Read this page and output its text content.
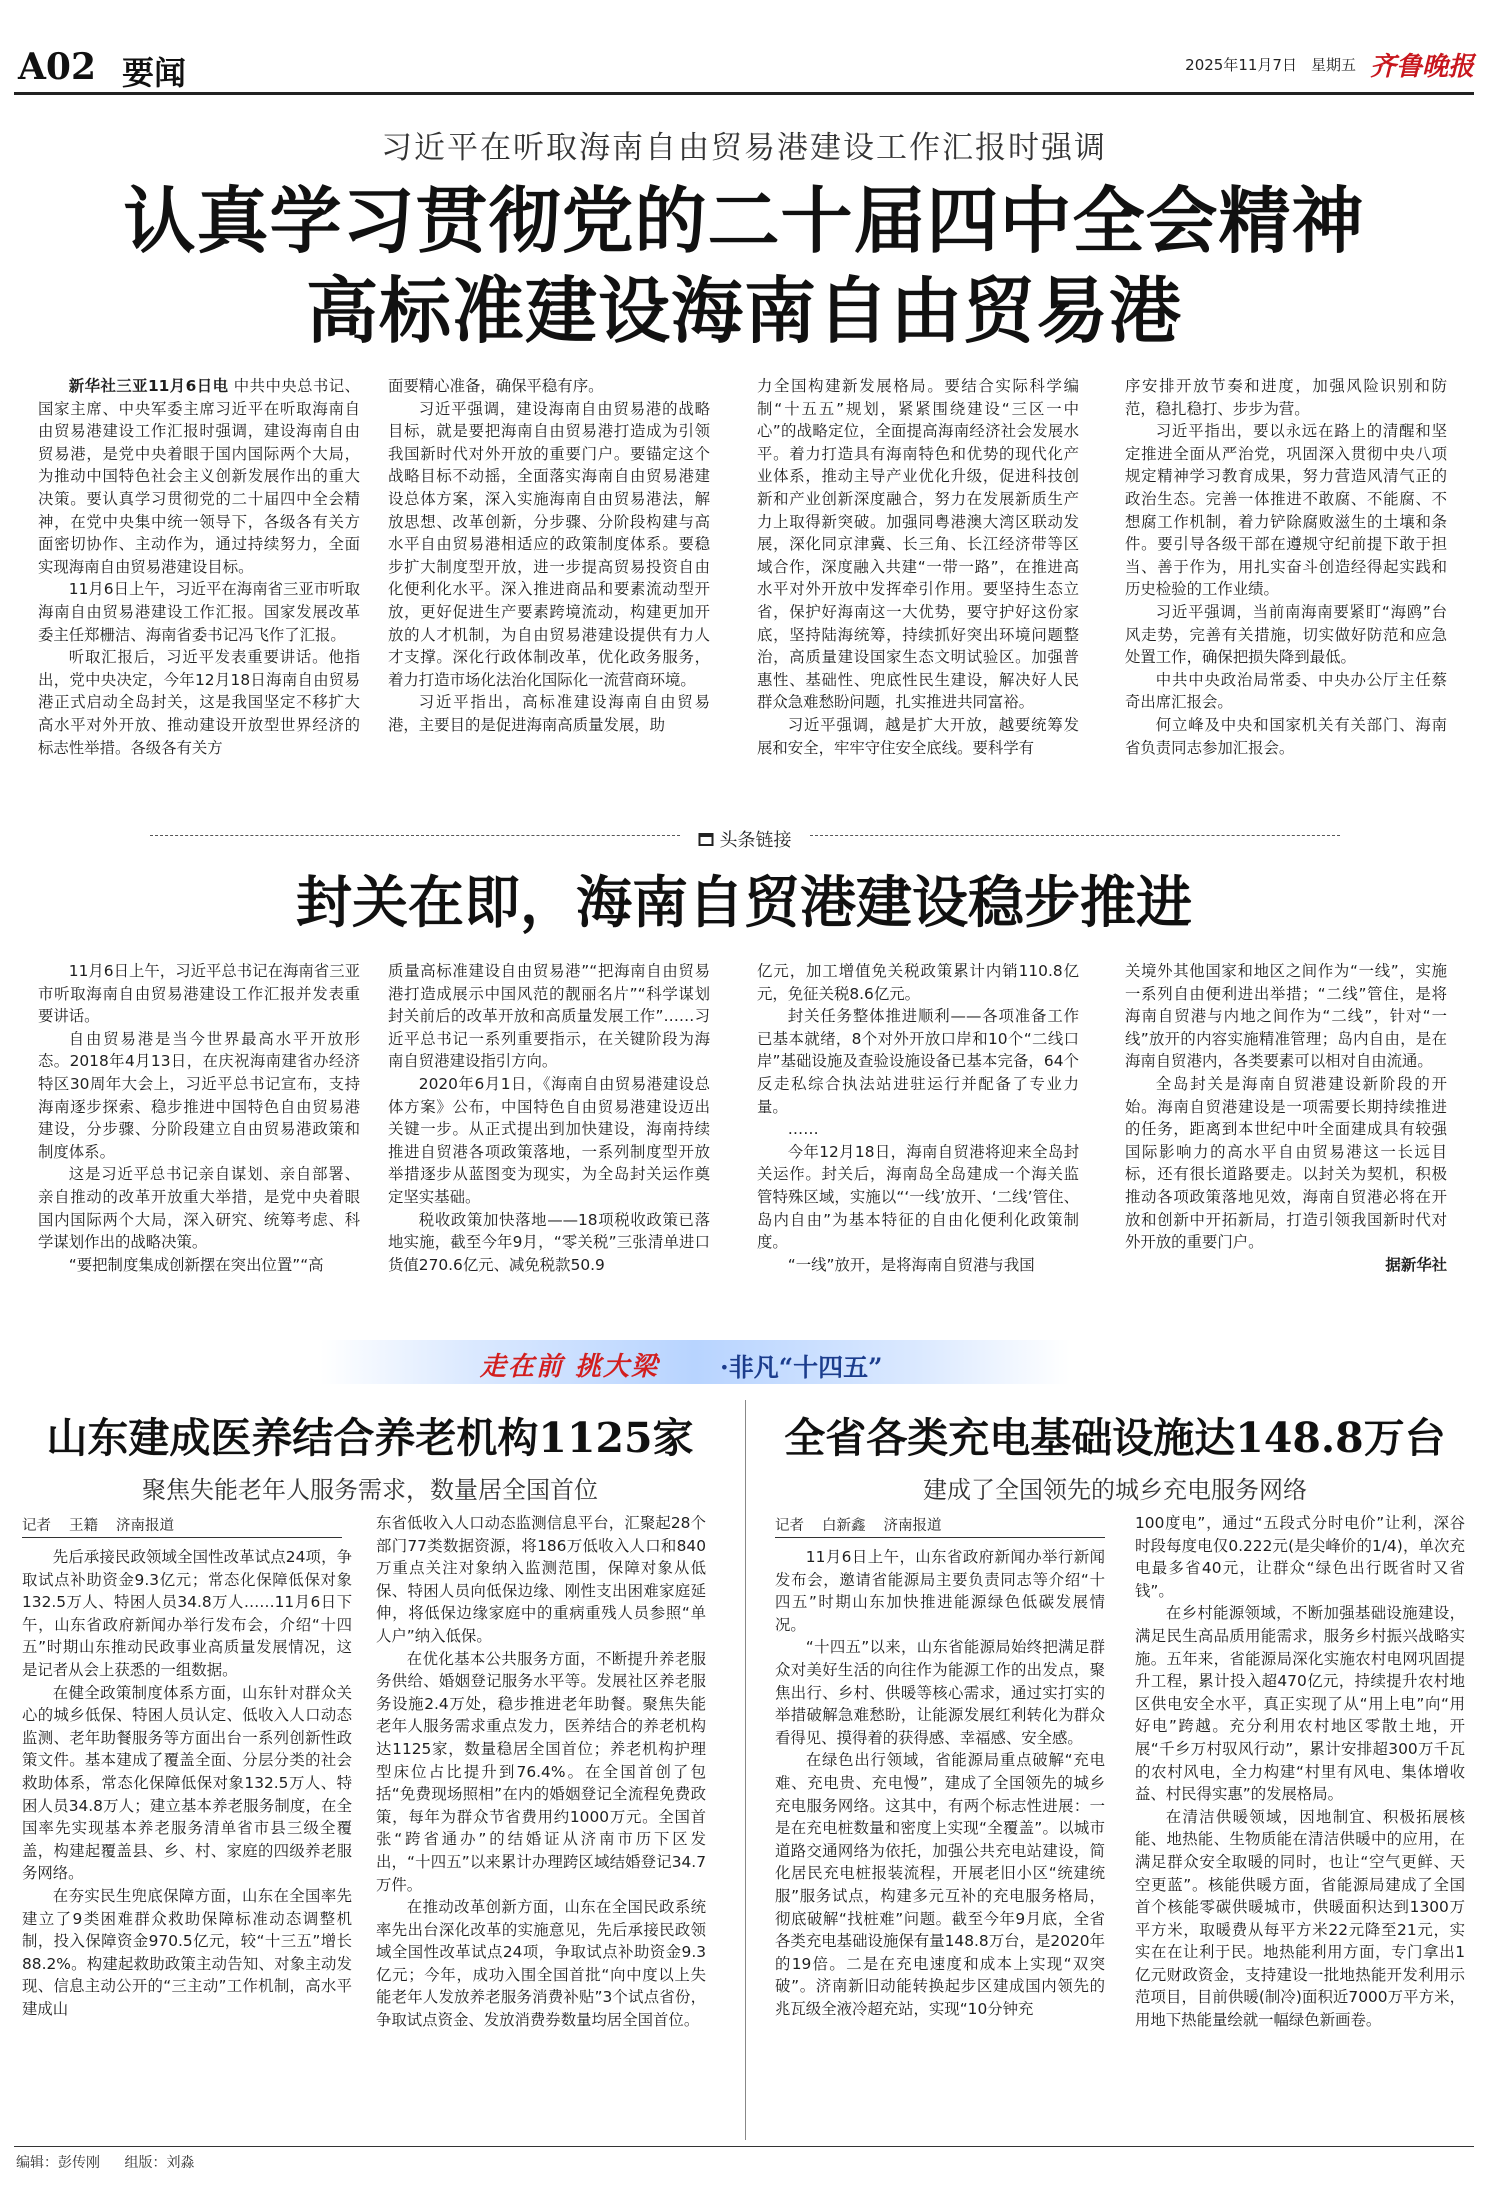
A02 要闻	2025年11月7日 星期五 齐鲁晚报
习近平在听取海南自由贸易港建设工作汇报时强调
认真学习贯彻党的二十届四中全会精神
高标准建设海南自由贸易港

新华社三亚11月6日电 中共中央总书记、国家主席、中央军委主席习近平在听取海南自由贸易港建设工作汇报时强调，建设海南自由贸易港，是党中央着眼于国内国际两个大局，为推动中国特色社会主义创新发展作出的重大决策。要认真学习贯彻党的二十届四中全会精神，在党中央集中统一领导下，各级各有关方面密切协作、主动作为，通过持续努力，全面实现海南自由贸易港建设目标。

11月6日上午，习近平在海南省三亚市听取海南自由贸易港建设工作汇报。国家发展改革委主任郑栅洁、海南省委书记冯飞作了汇报。

听取汇报后，习近平发表重要讲话。他指出，党中央决定，今年12月18日海南自由贸易港正式启动全岛封关，这是我国坚定不移扩大高水平对外开放、推动建设开放型世界经济的标志性举措。各级各有关方

面要精心准备，确保平稳有序。

习近平强调，建设海南自由贸易港的战略目标，就是要把海南自由贸易港打造成为引领我国新时代对外开放的重要门户。要锚定这个战略目标不动摇，全面落实海南自由贸易港建设总体方案，深入实施海南自由贸易港法，解放思想、改革创新，分步骤、分阶段构建与高水平自由贸易港相适应的政策制度体系。要稳步扩大制度型开放，进一步提高贸易投资自由化便利化水平。深入推进商品和要素流动型开放，更好促进生产要素跨境流动，构建更加开放的人才机制，为自由贸易港建设提供有力人才支撑。深化行政体制改革，优化政务服务，着力打造市场化法治化国际化一流营商环境。

习近平指出，高标准建设海南自由贸易港，主要目的是促进海南高质量发展，助

力全国构建新发展格局。要结合实际科学编制“十五五”规划，紧紧围绕建设“三区一中心”的战略定位，全面提高海南经济社会发展水平。着力打造具有海南特色和优势的现代化产业体系，推动主导产业优化升级，促进科技创新和产业创新深度融合，努力在发展新质生产力上取得新突破。加强同粤港澳大湾区联动发展，深化同京津冀、长三角、长江经济带等区域合作，深度融入共建“一带一路”，在推进高水平对外开放中发挥牵引作用。要坚持生态立省，保护好海南这一大优势，要守护好这份家底，坚持陆海统筹，持续抓好突出环境问题整治，高质量建设国家生态文明试验区。加强普惠性、基础性、兜底性民生建设，解决好人民群众急难愁盼问题，扎实推进共同富裕。

习近平强调，越是扩大开放，越要统筹发展和安全，牢牢守住安全底线。要科学有

序安排开放节奏和进度，加强风险识别和防范，稳扎稳打、步步为营。

习近平指出，要以永远在路上的清醒和坚定推进全面从严治党，巩固深入贯彻中央八项规定精神学习教育成果，努力营造风清气正的政治生态。完善一体推进不敢腐、不能腐、不想腐工作机制，着力铲除腐败滋生的土壤和条件。要引导各级干部在遵规守纪前提下敢于担当、善于作为，用扎实奋斗创造经得起实践和历史检验的工作业绩。

习近平强调，当前南海南要紧盯“海鸥”台风走势，完善有关措施，切实做好防范和应急处置工作，确保把损失降到最低。

中共中央政治局常委、中央办公厅主任蔡奇出席汇报会。

何立峰及中央和国家机关有关部门、海南省负责同志参加汇报会。

头条链接
封关在即，海南自贸港建设稳步推进

11月6日上午，习近平总书记在海南省三亚市听取海南自由贸易港建设工作汇报并发表重要讲话。

自由贸易港是当今世界最高水平开放形态。2018年4月13日，在庆祝海南建省办经济特区30周年大会上，习近平总书记宣布，支持海南逐步探索、稳步推进中国特色自由贸易港建设，分步骤、分阶段建立自由贸易港政策和制度体系。

这是习近平总书记亲自谋划、亲自部署、亲自推动的改革开放重大举措，是党中央着眼国内国际两个大局，深入研究、统筹考虑、科学谋划作出的战略决策。

“要把制度集成创新摆在突出位置”“高

质量高标准建设自由贸易港”“把海南自由贸易港打造成展示中国风范的靓丽名片”“科学谋划封关前后的改革开放和高质量发展工作”……习近平总书记一系列重要指示，在关键阶段为海南自贸港建设指引方向。

2020年6月1日，《海南自由贸易港建设总体方案》公布，中国特色自由贸易港建设迈出关键一步。从正式提出到加快建设，海南持续推进自贸港各项政策落地，一系列制度型开放举措逐步从蓝图变为现实，为全岛封关运作奠定坚实基础。

税收政策加快落地——18项税收政策已落地实施，截至今年9月，“零关税”三张清单进口货值270.6亿元、减免税款50.9

亿元，加工增值免关税政策累计内销110.8亿元，免征关税8.6亿元。

封关任务整体推进顺利——各项准备工作已基本就绪，8个对外开放口岸和10个“二线口岸”基础设施及查验设施设备已基本完备，64个反走私综合执法站进驻运行并配备了专业力量。

……

今年12月18日，海南自贸港将迎来全岛封关运作。封关后，海南岛全岛建成一个海关监管特殊区域，实施以“‘一线’放开、‘二线’管住、岛内自由”为基本特征的自由化便利化政策制度。

“一线”放开，是将海南自贸港与我国

关境外其他国家和地区之间作为“一线”，实施一系列自由便利进出举措；“二线”管住，是将海南自贸港与内地之间作为“二线”，针对“一线”放开的内容实施精准管理；岛内自由，是在海南自贸港内，各类要素可以相对自由流通。

全岛封关是海南自贸港建设新阶段的开始。海南自贸港建设是一项需要长期持续推进的任务，距离到本世纪中叶全面建成具有较强国际影响力的高水平自由贸易港这一长远目标，还有很长道路要走。以封关为契机，积极推动各项政策落地见效，海南自贸港必将在开放和创新中开拓新局，打造引领我国新时代对外开放的重要门户。

据新华社

走在前 挑大梁 ·非凡“十四五”
山东建成医养结合养老机构1125家
聚焦失能老年人服务需求，数量居全国首位
记者 王籍 济南报道

先后承接民政领域全国性改革试点24项，争取试点补助资金9.3亿元；常态化保障低保对象132.5万人、特困人员34.8万人……11月6日下午，山东省政府新闻办举行发布会，介绍“十四五”时期山东推动民政事业高质量发展情况，这是记者从会上获悉的一组数据。

在健全政策制度体系方面，山东针对群众关心的城乡低保、特困人员认定、低收入人口动态监测、老年助餐服务等方面出台一系列创新性政策文件。基本建成了覆盖全面、分层分类的社会救助体系，常态化保障低保对象132.5万人、特困人员34.8万人；建立基本养老服务制度，在全国率先实现基本养老服务清单省市县三级全覆盖，构建起覆盖县、乡、村、家庭的四级养老服务网络。

在夯实民生兜底保障方面，山东在全国率先建立了9类困难群众救助保障标准动态调整机制，投入保障资金970.5亿元，较“十三五”增长88.2%。构建起救助政策主动告知、对象主动发现、信息主动公开的“三主动”工作机制，高水平建成山

东省低收入人口动态监测信息平台，汇聚起28个部门77类数据资源，将186万低收入人口和840万重点关注对象纳入监测范围，保障对象从低保、特困人员向低保边缘、刚性支出困难家庭延伸，将低保边缘家庭中的重病重残人员参照“单人户”纳入低保。

在优化基本公共服务方面，不断提升养老服务供给、婚姻登记服务水平等。发展社区养老服务设施2.4万处，稳步推进老年助餐。聚焦失能老年人服务需求重点发力，医养结合的养老机构达1125家，数量稳居全国首位；养老机构护理型床位占比提升到76.4%。在全国首创了包括“免费现场照相”在内的婚姻登记全流程免费政策，每年为群众节省费用约1000万元。全国首张“跨省通办”的结婚证从济南市历下区发出，“十四五”以来累计办理跨区域结婚登记34.7万件。

在推动改革创新方面，山东在全国民政系统率先出台深化改革的实施意见，先后承接民政领域全国性改革试点24项，争取试点补助资金9.3亿元；今年，成功入围全国首批“向中度以上失能老年人发放养老服务消费补贴”3个试点省份，争取试点资金、发放消费券数量均居全国首位。

全省各类充电基础设施达148.8万台
建成了全国领先的城乡充电服务网络
记者 白新鑫 济南报道

11月6日上午，山东省政府新闻办举行新闻发布会，邀请省能源局主要负责同志等介绍“十四五”时期山东加快推进能源绿色低碳发展情况。

“十四五”以来，山东省能源局始终把满足群众对美好生活的向往作为能源工作的出发点，聚焦出行、乡村、供暖等核心需求，通过实打实的举措破解急难愁盼，让能源发展红利转化为群众看得见、摸得着的获得感、幸福感、安全感。

在绿色出行领域，省能源局重点破解“充电难、充电贵、充电慢”，建成了全国领先的城乡充电服务网络。这其中，有两个标志性进展：一是在充电桩数量和密度上实现“全覆盖”。以城市道路交通网络为依托，加强公共充电站建设，简化居民充电桩报装流程，开展老旧小区“统建统服”服务试点，构建多元互补的充电服务格局，彻底破解“找桩难”问题。截至今年9月底，全省各类充电基础设施保有量148.8万台，是2020年的19倍。二是在充电速度和成本上实现“双突破”。济南新旧动能转换起步区建成国内领先的兆瓦级全液冷超充站，实现“10分钟充

100度电”，通过“五段式分时电价”让利，深谷时段每度电仅0.222元(是尖峰价的1/4)，单次充电最多省40元，让群众“绿色出行既省时又省钱”。

在乡村能源领域，不断加强基础设施建设，满足民生高品质用能需求，服务乡村振兴战略实施。五年来，省能源局深化实施农村电网巩固提升工程，累计投入超470亿元，持续提升农村地区供电安全水平，真正实现了从“用上电”向“用好电”跨越。充分利用农村地区零散土地，开展“千乡万村驭风行动”，累计安排超300万千瓦的农村风电，全力构建“村里有风电、集体增收益、村民得实惠”的发展格局。

在清洁供暖领域，因地制宜、积极拓展核能、地热能、生物质能在清洁供暖中的应用，在满足群众安全取暖的同时，也让“空气更鲜、天空更蓝”。核能供暖方面，省能源局建成了全国首个核能零碳供暖城市，供暖面积达到1300万平方米，取暖费从每平方米22元降至21元，实实在在让利于民。地热能利用方面，专门拿出1亿元财政资金，支持建设一批地热能开发利用示范项目，目前供暖(制冷)面积近7000万平方米，用地下热能量绘就一幅绿色新画卷。

编辑：彭传刚 组版：刘淼
